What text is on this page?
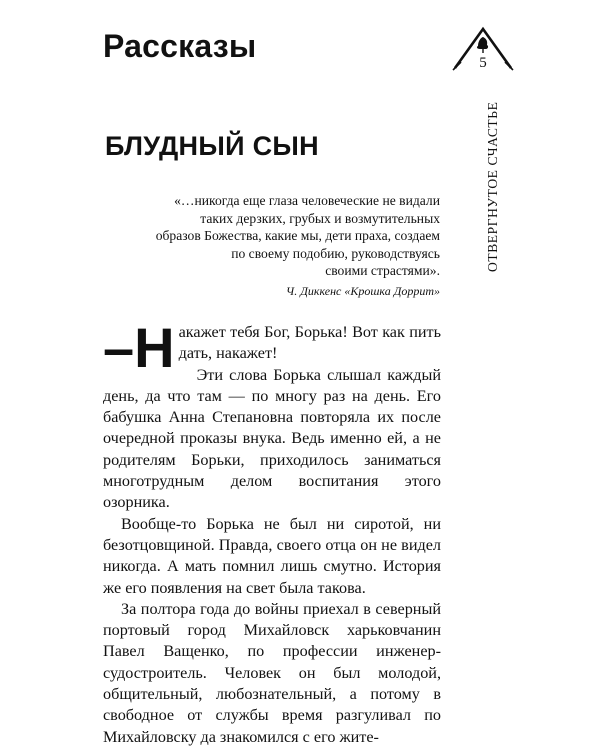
Рассказы	5
ОТВЕРГНУТОЕ СЧАСТЬЕ
БЛУДНЫЙ СЫН

«…никогда еще глаза человеческие не видали
таких дерзких, грубых и возмутительных
образов Божества, какие мы, дети праха, создаем
по своему подобию, руководствуясь
своими страстями».

Ч. Диккенс «Крошка Доррит»

–Н акажет тебя Бог, Борька! Вот как пить дать, накажет!

Эти слова Борька слышал каждый день, да что там — по многу раз на день. Его бабушка Анна Степановна повторяла их после очередной проказы внука. Ведь именно ей, а не родителям Борьки, приходилось заниматься многотрудным делом воспитания этого озорника.

Вообще-то Борька не был ни сиротой, ни безотцовщиной. Правда, своего отца он не видел никогда. А мать помнил лишь смутно. История же его появления на свет была такова.

За полтора года до войны приехал в северный портовый город Михайловск харьковчанин Павел Ващенко, по профессии инженер-судостроитель. Человек он был молодой, общительный, любознательный, а потому в свободное от службы время разгуливал по Михайловску да знакомился с его жите-
